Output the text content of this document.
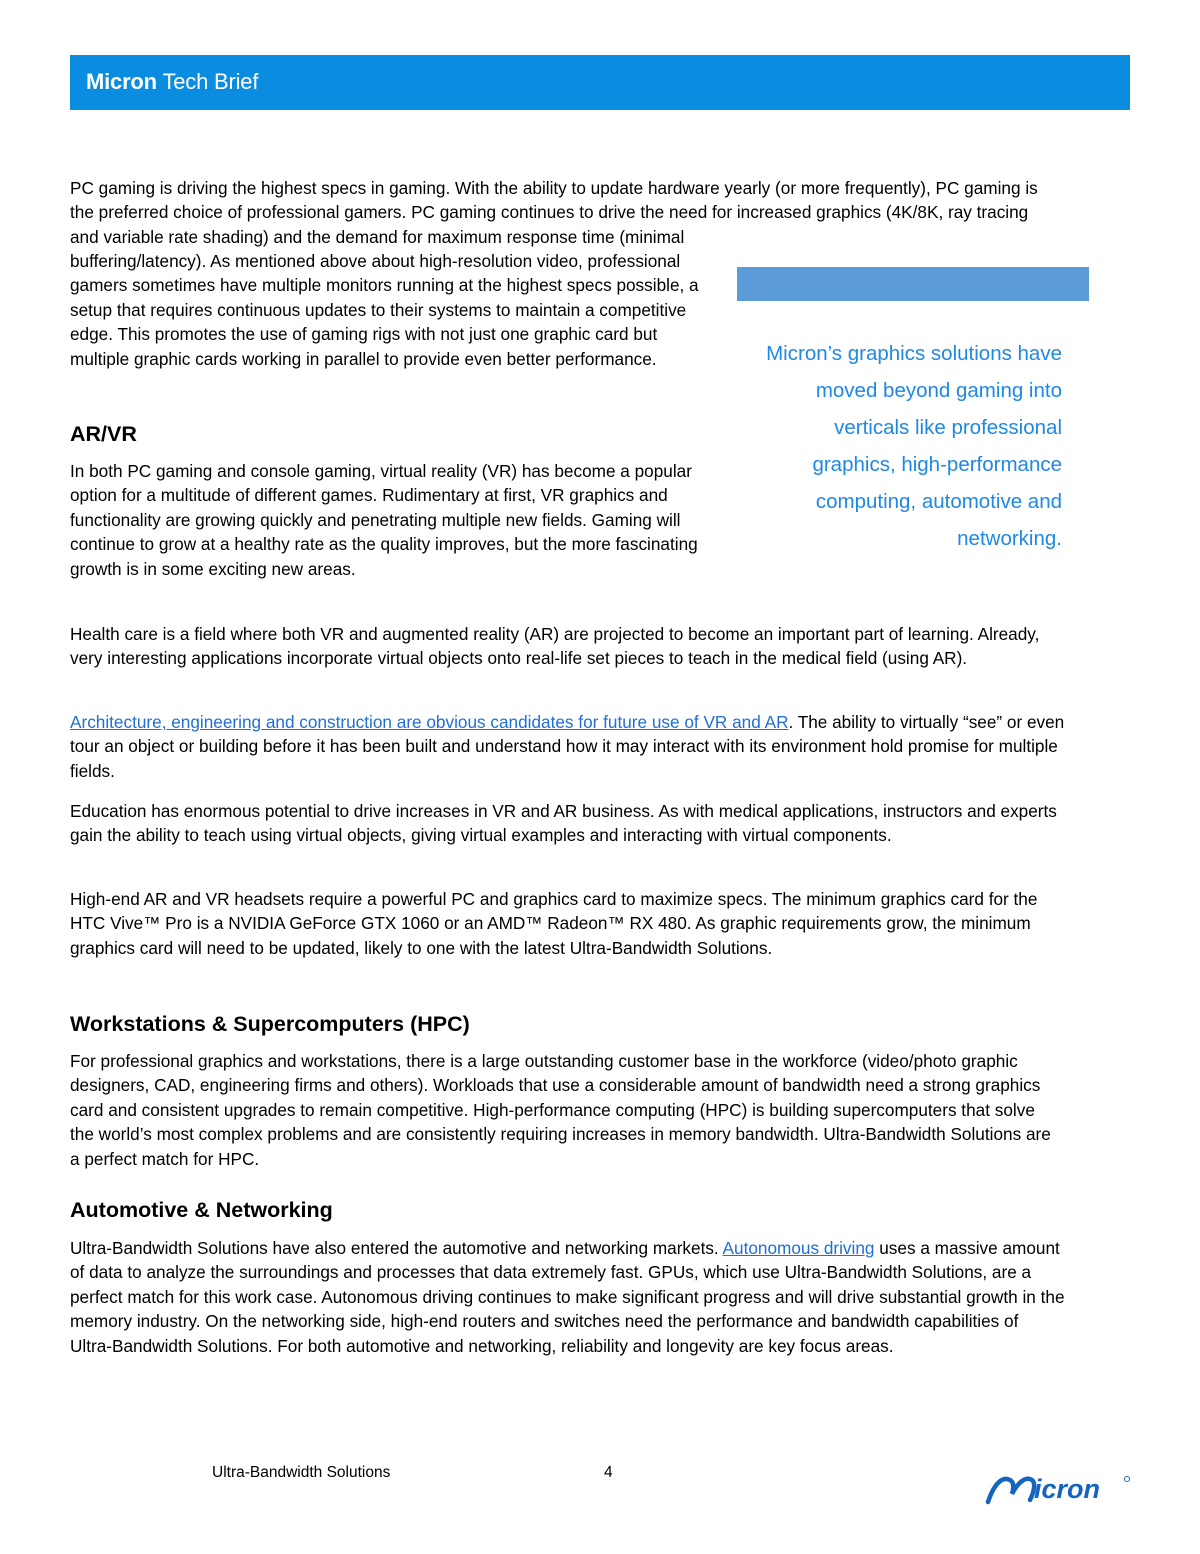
Micron Tech Brief

PC gaming is driving the highest specs in gaming. With the ability to update hardware yearly (or more frequently), PC gaming is the preferred choice of professional gamers. PC gaming continues to drive the need for increased graphics (4K/8K, ray tracing and variable rate shading) and the demand for maximum response time (minimal

buffering/latency). As mentioned above about high-resolution video, professional gamers sometimes have multiple monitors running at the highest specs possible, a setup that requires continuous updates to their systems to maintain a competitive edge. This promotes the use of gaming rigs with not just one graphic card but multiple graphic cards working in parallel to provide even better performance.	Micron’s graphics solutions have moved beyond gaming into verticals like professional graphics, high-performance computing, automotive and networking.
AR/VR

In both PC gaming and console gaming, virtual reality (VR) has become a popular option for a multitude of different games. Rudimentary at first, VR graphics and functionality are growing quickly and penetrating multiple new fields. Gaming will continue to grow at a healthy rate as the quality improves, but the more fascinating growth is in some exciting new areas.

Health care is a field where both VR and augmented reality (AR) are projected to become an important part of learning. Already, very interesting applications incorporate virtual objects onto real-life set pieces to teach in the medical field (using AR).

Architecture, engineering and construction are obvious candidates for future use of VR and AR. The ability to virtually “see” or even tour an object or building before it has been built and understand how it may interact with its environment hold promise for multiple fields.

Education has enormous potential to drive increases in VR and AR business. As with medical applications, instructors and experts gain the ability to teach using virtual objects, giving virtual examples and interacting with virtual components.

High-end AR and VR headsets require a powerful PC and graphics card to maximize specs. The minimum graphics card for the HTC Vive™ Pro is a NVIDIA GeForce GTX 1060 or an AMD™ Radeon™ RX 480. As graphic requirements grow, the minimum graphics card will need to be updated, likely to one with the latest Ultra-Bandwidth Solutions.

Workstations & Supercomputers (HPC)

For professional graphics and workstations, there is a large outstanding customer base in the workforce (video/photo graphic designers, CAD, engineering firms and others). Workloads that use a considerable amount of bandwidth need a strong graphics card and consistent upgrades to remain competitive. High-performance computing (HPC) is building supercomputers that solve the world’s most complex problems and are consistently requiring increases in memory bandwidth. Ultra-Bandwidth Solutions are a perfect match for HPC.

Automotive & Networking

Ultra-Bandwidth Solutions have also entered the automotive and networking markets. Autonomous driving uses a massive amount of data to analyze the surroundings and processes that data extremely fast. GPUs, which use Ultra-Bandwidth Solutions, are a perfect match for this work case. Autonomous driving continues to make significant progress and will drive substantial growth in the memory industry. On the networking side, high-end routers and switches need the performance and bandwidth capabilities of Ultra-Bandwidth Solutions. For both automotive and networking, reliability and longevity are key focus areas.

Ultra-Bandwidth Solutions	4
icron
